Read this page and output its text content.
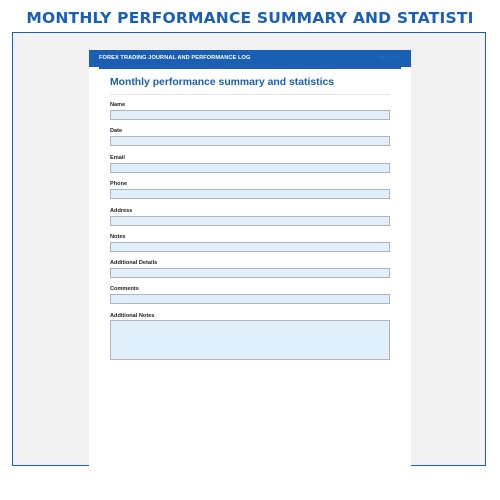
MONTHLY PERFORMANCE SUMMARY AND STATISTI
FOREX TRADING JOURNAL AND PERFORMANCE LOG	Page 1 of 1
Monthly performance summary and statistics
Name
Date
Email
Phone
Address
Notes
Additional Details
Comments
Additional Notes
